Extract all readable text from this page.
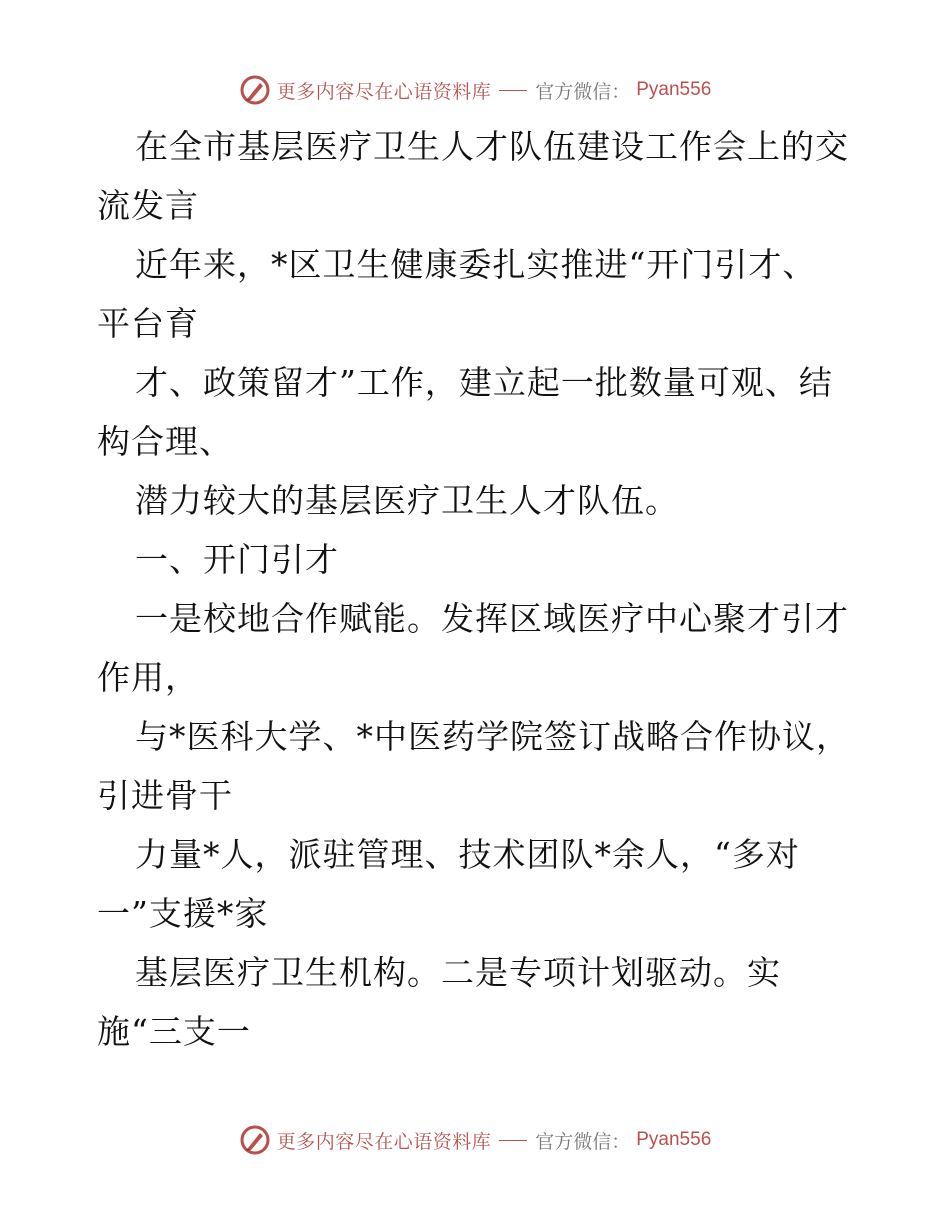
更多内容尽在心语资料库 官方微信： Pyan556
在全市基层医疗卫生人才队伍建设工作会上的交
流发言
近年来，*区卫生健康委扎实推进“开门引才、
平台育
才、政策留才”工作，建立起一批数量可观、结
构合理、
潜力较大的基层医疗卫生人才队伍。
一、开门引才
一是校地合作赋能。发挥区域医疗中心聚才引才
作用，
与*医科大学、*中医药学院签订战略合作协议，
引进骨干
力量*人，派驻管理、技术团队*余人，“多对
一”支援*家
基层医疗卫生机构。二是专项计划驱动。实
施“三支一
更多内容尽在心语资料库 官方微信： Pyan556
